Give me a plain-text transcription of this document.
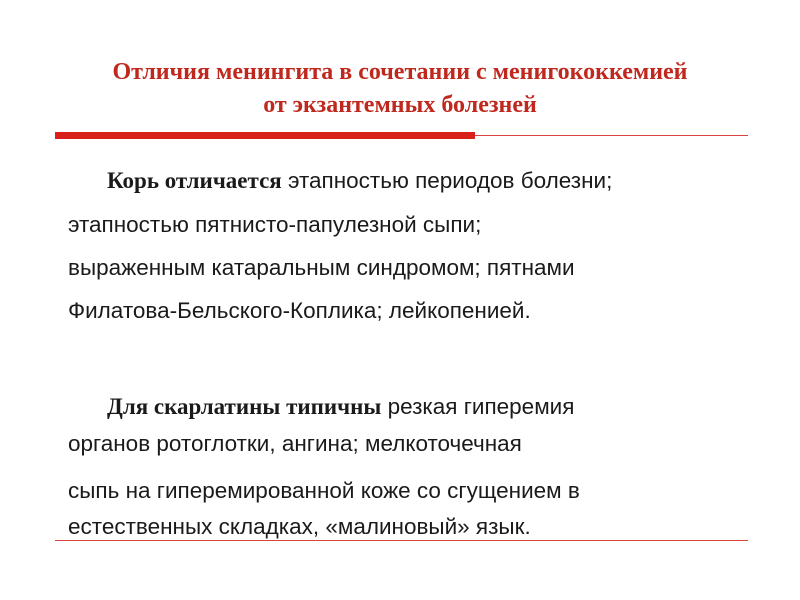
Отличия менингита в сочетании с менигококкемией
от экзантемных болезней
Корь отличается этапностью периодов болезни;
этапностью пятнисто-папулезной сыпи;
выраженным катаральным синдромом; пятнами
Филатова-Бельского-Коплика; лейкопенией.
Для скарлатины типичны резкая гиперемия
органов ротоглотки, ангина; мелкоточечная
сыпь на гиперемированной коже со сгущением в
естественных складках, «малиновый» язык.
